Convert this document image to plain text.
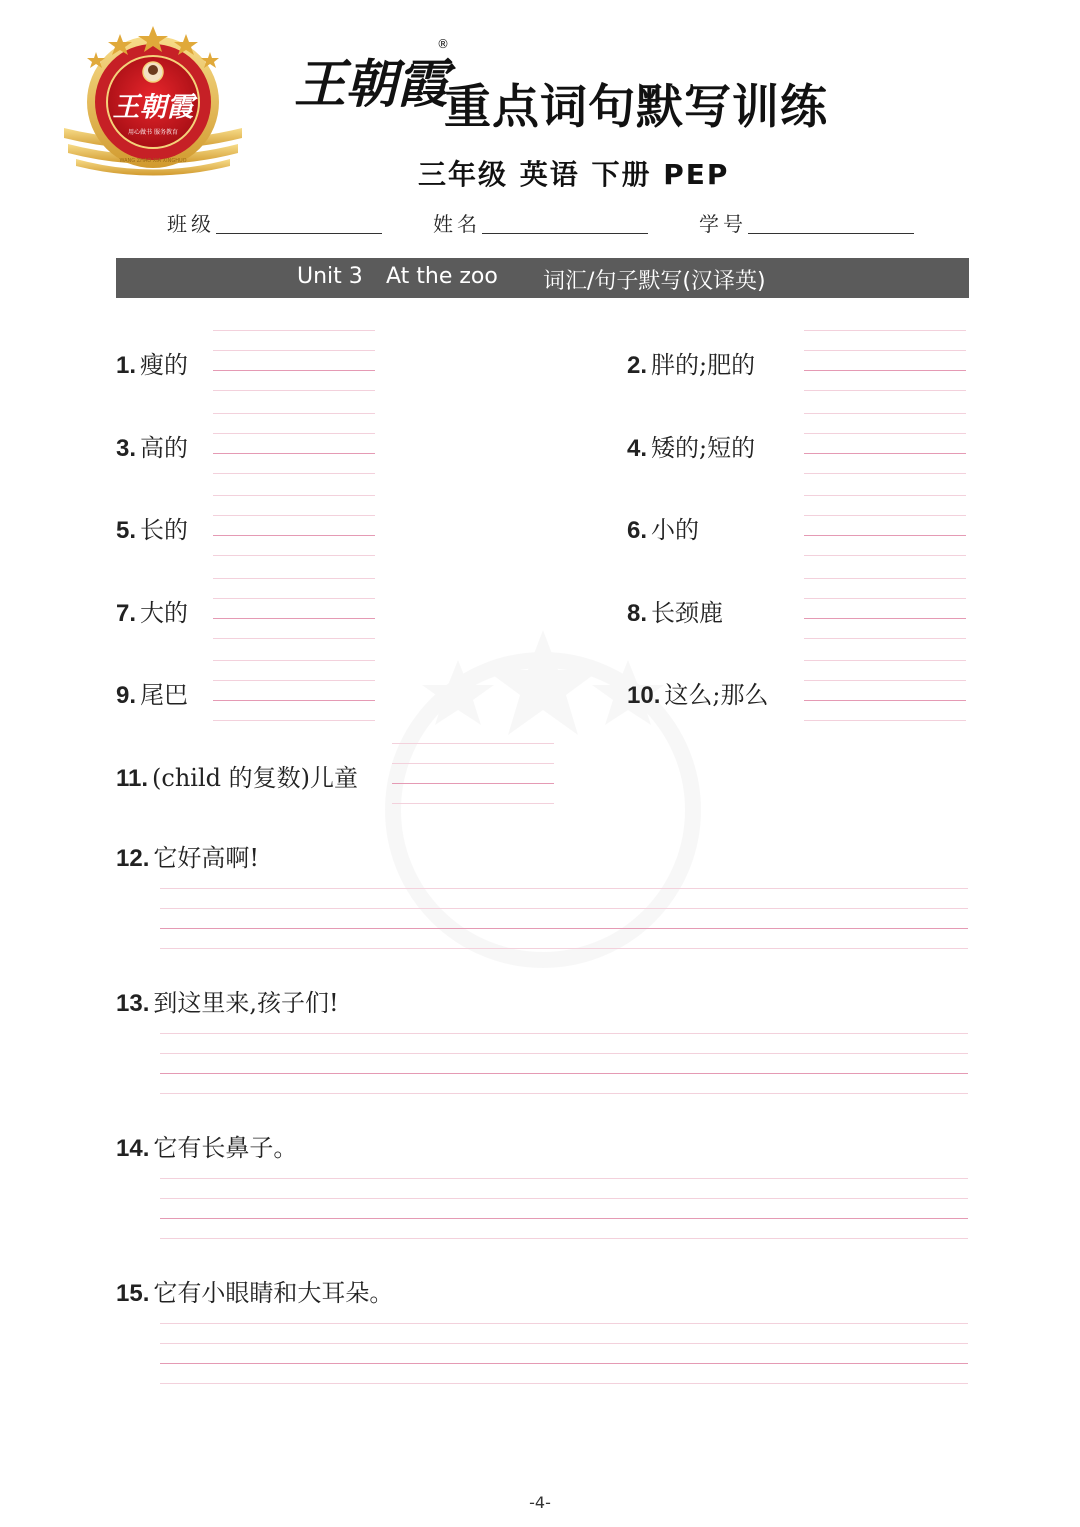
王朝霞
用心做书 服务教育
WANG ZHAO XIA XINGHUO
王朝霞
®
重点词句默写训练
三年级 英语 下册 PEP
班级	姓名	学号
Unit 3 At the zoo 词汇/句子默写(汉译英)
1. 瘦的	2. 胖的;肥的
3. 高的	4. 矮的;短的
5. 长的	6. 小的
7. 大的	8. 长颈鹿
9. 尾巴	10. 这么;那么
11. (child 的复数)儿童
12. 它好高啊!
13. 到这里来,孩子们!
14. 它有长鼻子。
15. 它有小眼睛和大耳朵。
-4-
